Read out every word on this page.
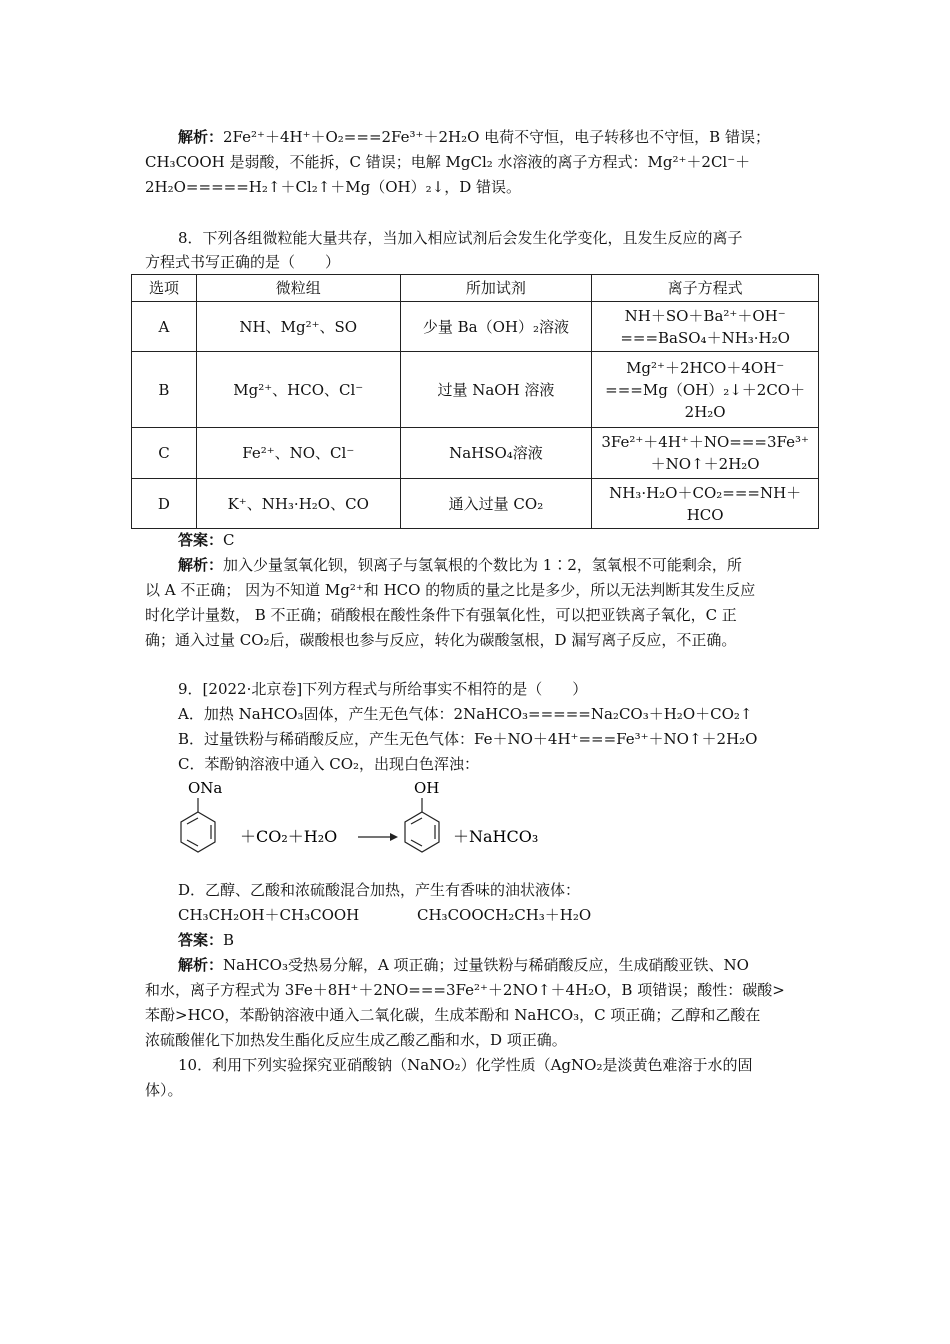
解析：2Fe²⁺＋4H⁺＋O₂===2Fe³⁺＋2H₂O 电荷不守恒，电子转移也不守恒，B 错误；
CH₃COOH 是弱酸，不能拆，C 错误；电解 MgCl₂ 水溶液的离子方程式：Mg²⁺＋2Cl⁻＋
2H₂O=====H₂↑＋Cl₂↑＋Mg（OH）₂↓，D 错误。
8．下列各组微粒能大量共存，当加入相应试剂后会发生化学变化，且发生反应的离子
方程式书写正确的是（　　）
选项	微粒组	所加试剂	离子方程式
A	NH、Mg²⁺、SO	少量 Ba（OH）₂溶液	NH＋SO＋Ba²⁺＋OH⁻
===BaSO₄＋NH₃·H₂O

B	Mg²⁺、HCO、Cl⁻	过量 NaOH 溶液	Mg²⁺＋2HCO＋4OH⁻
===Mg（OH）₂↓＋2CO＋
2H₂O

C	Fe²⁺、NO、Cl⁻	NaHSO₄溶液	3Fe²⁺＋4H⁺＋NO===3Fe³⁺
＋NO↑＋2H₂O

D	K⁺、NH₃·H₂O、CO	通入过量 CO₂	NH₃·H₂O＋CO₂===NH＋
HCO
答案：C
解析：加入少量氢氧化钡，钡离子与氢氧根的个数比为 1∶2，氢氧根不可能剩余，所
以 A 不正确； 因为不知道 Mg²⁺和 HCO 的物质的量之比是多少，所以无法判断其发生反应
时化学计量数， B 不正确；硝酸根在酸性条件下有强氧化性，可以把亚铁离子氧化，C 正
确；通入过量 CO₂后，碳酸根也参与反应，转化为碳酸氢根，D 漏写离子反应，不正确。
9．[2022·北京卷]下列方程式与所给事实不相符的是（　　）
A．加热 NaHCO₃固体，产生无色气体：2NaHCO₃=====Na₂CO₃＋H₂O＋CO₂↑
B．过量铁粉与稀硝酸反应，产生无色气体：Fe＋NO＋4H⁺===Fe³⁺＋NO↑＋2H₂O
C．苯酚钠溶液中通入 CO₂，出现白色浑浊：
ONa
＋CO₂＋H₂O
OH
＋NaHCO₃
D．乙醇、乙酸和浓硫酸混合加热，产生有香味的油状液体：
CH₃CH₂OH＋CH₃COOH	CH₃COOCH₂CH₃＋H₂O
答案：B
解析：NaHCO₃受热易分解，A 项正确；过量铁粉与稀硝酸反应，生成硝酸亚铁、NO
和水，离子方程式为 3Fe＋8H⁺＋2NO===3Fe²⁺＋2NO↑＋4H₂O，B 项错误；酸性：碳酸>
苯酚>HCO，苯酚钠溶液中通入二氧化碳，生成苯酚和 NaHCO₃，C 项正确；乙醇和乙酸在
浓硫酸催化下加热发生酯化反应生成乙酸乙酯和水，D 项正确。
10．利用下列实验探究亚硝酸钠（NaNO₂）化学性质（AgNO₂是淡黄色难溶于水的固
体）。
